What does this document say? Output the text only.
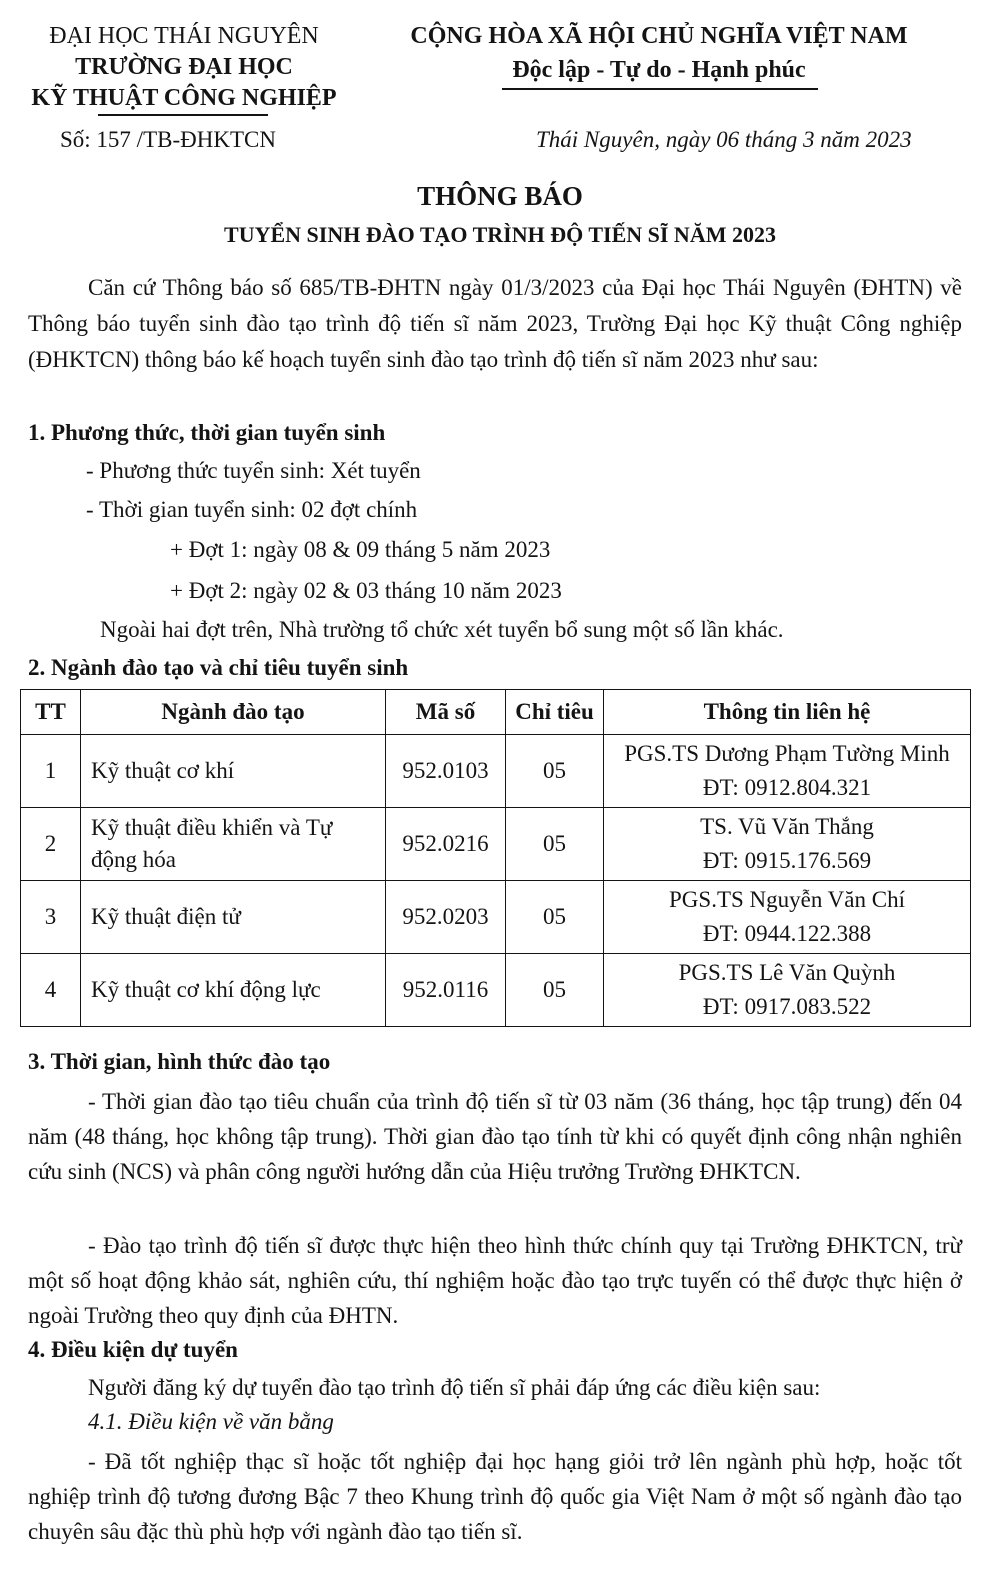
ĐẠI HỌC THÁI NGUYÊN
TRƯỜNG ĐẠI HỌC
KỸ THUẬT CÔNG NGHIỆP
Số: 157 /TB-ĐHKTCN
CỘNG HÒA XÃ HỘI CHỦ NGHĨA VIỆT NAM
Độc lập - Tự do - Hạnh phúc
Thái Nguyên, ngày 06 tháng 3 năm 2023
THÔNG BÁO
TUYỂN SINH ĐÀO TẠO TRÌNH ĐỘ TIẾN SĨ NĂM 2023

Căn cứ Thông báo số 685/TB-ĐHTN ngày 01/3/2023 của Đại học Thái Nguyên (ĐHTN) về Thông báo tuyển sinh đào tạo trình độ tiến sĩ năm 2023, Trường Đại học Kỹ thuật Công nghiệp (ĐHKTCN) thông báo kế hoạch tuyển sinh đào tạo trình độ tiến sĩ năm 2023 như sau:

1. Phương thức, thời gian tuyển sinh
- Phương thức tuyển sinh: Xét tuyển
- Thời gian tuyển sinh: 02 đợt chính
+ Đợt 1: ngày 08 & 09 tháng 5 năm 2023
+ Đợt 2: ngày 02 & 03 tháng 10 năm 2023
Ngoài hai đợt trên, Nhà trường tổ chức xét tuyển bổ sung một số lần khác.
2. Ngành đào tạo và chỉ tiêu tuyển sinh
TT	Ngành đào tạo	Mã số	Chỉ tiêu	Thông tin liên hệ
1	Kỹ thuật cơ khí	952.0103	05	PGS.TS Dương Phạm Tường Minh
ĐT: 0912.804.321

2	Kỹ thuật điều khiển và Tự động hóa	952.0216	05	TS. Vũ Văn Thắng
ĐT: 0915.176.569

3	Kỹ thuật điện tử	952.0203	05	PGS.TS Nguyễn Văn Chí
ĐT: 0944.122.388

4	Kỹ thuật cơ khí động lực	952.0116	05	PGS.TS Lê Văn Quỳnh
ĐT: 0917.083.522
3. Thời gian, hình thức đào tạo

- Thời gian đào tạo tiêu chuẩn của trình độ tiến sĩ từ 03 năm (36 tháng, học tập trung) đến 04 năm (48 tháng, học không tập trung). Thời gian đào tạo tính từ khi có quyết định công nhận nghiên cứu sinh (NCS) và phân công người hướng dẫn của Hiệu trưởng Trường ĐHKTCN.

- Đào tạo trình độ tiến sĩ được thực hiện theo hình thức chính quy tại Trường ĐHKTCN, trừ một số hoạt động khảo sát, nghiên cứu, thí nghiệm hoặc đào tạo trực tuyến có thể được thực hiện ở ngoài Trường theo quy định của ĐHTN.

4. Điều kiện dự tuyển
Người đăng ký dự tuyển đào tạo trình độ tiến sĩ phải đáp ứng các điều kiện sau:
4.1. Điều kiện về văn bằng

- Đã tốt nghiệp thạc sĩ hoặc tốt nghiệp đại học hạng giỏi trở lên ngành phù hợp, hoặc tốt nghiệp trình độ tương đương Bậc 7 theo Khung trình độ quốc gia Việt Nam ở một số ngành đào tạo chuyên sâu đặc thù phù hợp với ngành đào tạo tiến sĩ.
